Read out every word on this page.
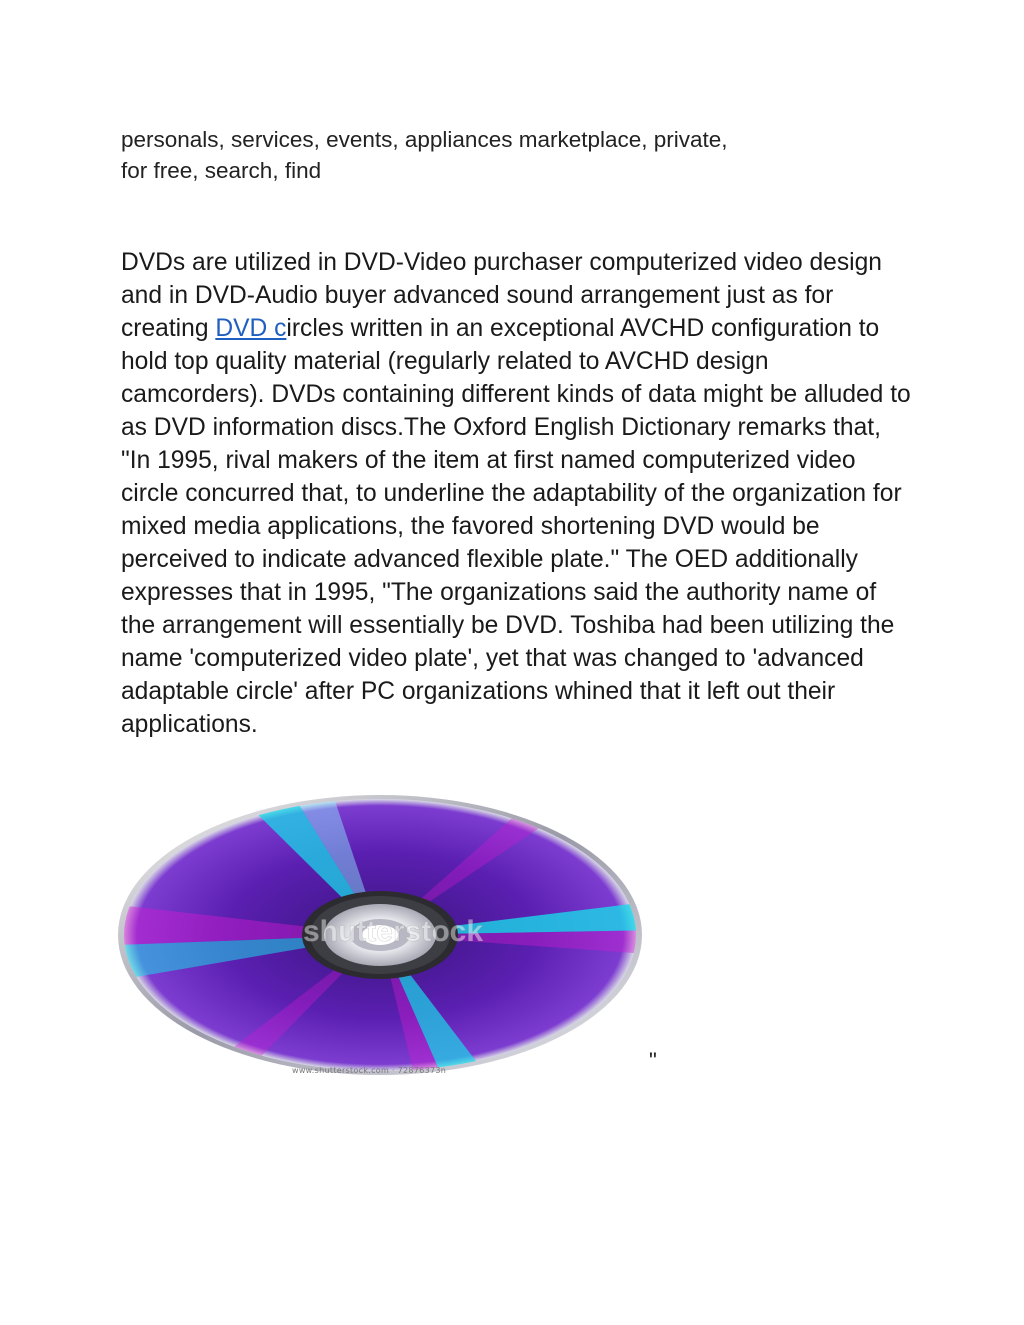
personals, services, events, appliances marketplace, private,
for free, search, find
DVDs are utilized in DVD-Video purchaser computerized video design and in DVD-Audio buyer advanced sound arrangement just as for creating DVD circles written in an exceptional AVCHD configuration to hold top quality material (regularly related to AVCHD design camcorders). DVDs containing different kinds of data might be alluded to as DVD information discs.The Oxford English Dictionary remarks that, "In 1995, rival makers of the item at first named computerized video circle concurred that, to underline the adaptability of the organization for mixed media applications, the favored shortening DVD would be perceived to indicate advanced flexible plate." The OED additionally expresses that in 1995, "The organizations said the authority name of the arrangement will essentially be DVD. Toshiba had been utilizing the name 'computerized video plate', yet that was changed to 'advanced adaptable circle' after PC organizations whined that it left out their applications.
shutterstock
www.shutterstock.com · 72876373n	"
